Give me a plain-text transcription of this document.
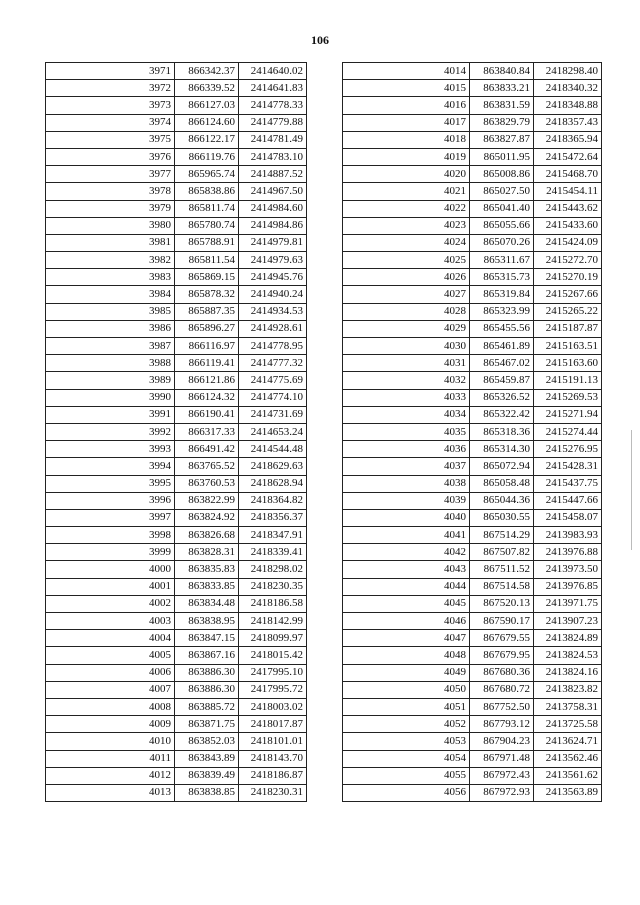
106
3971	866342.37	2414640.02
3972	866339.52	2414641.83
3973	866127.03	2414778.33
3974	866124.60	2414779.88
3975	866122.17	2414781.49
3976	866119.76	2414783.10
3977	865965.74	2414887.52
3978	865838.86	2414967.50
3979	865811.74	2414984.60
3980	865780.74	2414984.86
3981	865788.91	2414979.81
3982	865811.54	2414979.63
3983	865869.15	2414945.76
3984	865878.32	2414940.24
3985	865887.35	2414934.53
3986	865896.27	2414928.61
3987	866116.97	2414778.95
3988	866119.41	2414777.32
3989	866121.86	2414775.69
3990	866124.32	2414774.10
3991	866190.41	2414731.69
3992	866317.33	2414653.24
3993	866491.42	2414544.48
3994	863765.52	2418629.63
3995	863760.53	2418628.94
3996	863822.99	2418364.82
3997	863824.92	2418356.37
3998	863826.68	2418347.91
3999	863828.31	2418339.41
4000	863835.83	2418298.02
4001	863833.85	2418230.35
4002	863834.48	2418186.58
4003	863838.95	2418142.99
4004	863847.15	2418099.97
4005	863867.16	2418015.42
4006	863886.30	2417995.10
4007	863886.30	2417995.72
4008	863885.72	2418003.02
4009	863871.75	2418017.87
4010	863852.03	2418101.01
4011	863843.89	2418143.70
4012	863839.49	2418186.87
4013	863838.85	2418230.31
4014	863840.84	2418298.40
4015	863833.21	2418340.32
4016	863831.59	2418348.88
4017	863829.79	2418357.43
4018	863827.87	2418365.94
4019	865011.95	2415472.64
4020	865008.86	2415468.70
4021	865027.50	2415454.11
4022	865041.40	2415443.62
4023	865055.66	2415433.60
4024	865070.26	2415424.09
4025	865311.67	2415272.70
4026	865315.73	2415270.19
4027	865319.84	2415267.66
4028	865323.99	2415265.22
4029	865455.56	2415187.87
4030	865461.89	2415163.51
4031	865467.02	2415163.60
4032	865459.87	2415191.13
4033	865326.52	2415269.53
4034	865322.42	2415271.94
4035	865318.36	2415274.44
4036	865314.30	2415276.95
4037	865072.94	2415428.31
4038	865058.48	2415437.75
4039	865044.36	2415447.66
4040	865030.55	2415458.07
4041	867514.29	2413983.93
4042	867507.82	2413976.88
4043	867511.52	2413973.50
4044	867514.58	2413976.85
4045	867520.13	2413971.75
4046	867590.17	2413907.23
4047	867679.55	2413824.89
4048	867679.95	2413824.53
4049	867680.36	2413824.16
4050	867680.72	2413823.82
4051	867752.50	2413758.31
4052	867793.12	2413725.58
4053	867904.23	2413624.71
4054	867971.48	2413562.46
4055	867972.43	2413561.62
4056	867972.93	2413563.89
